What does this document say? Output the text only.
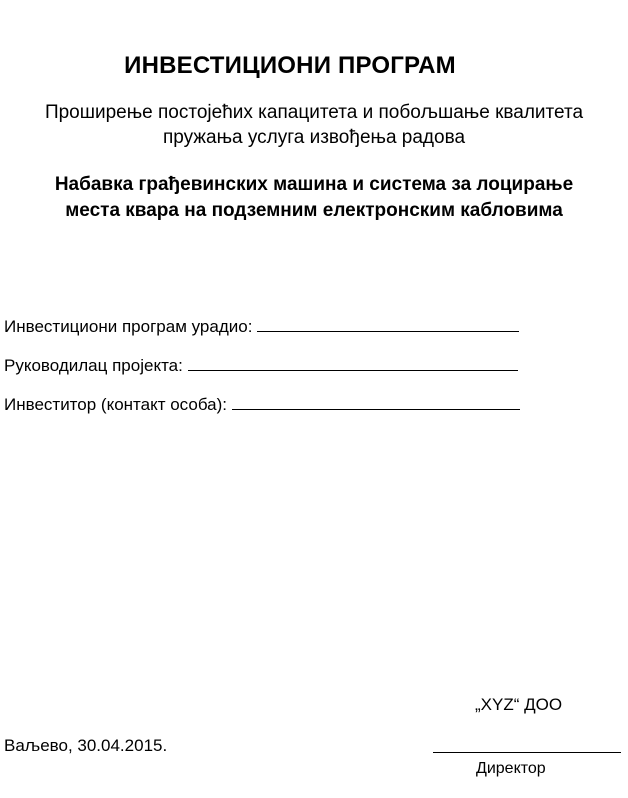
ИНВЕСТИЦИОНИ ПРОГРАМ
Проширење постојећих капацитета и побољшање квалитета
пружања услуга извођења радова
Набавка грађевинских машина и система за лоцирање
места квара на подземним електронским кабловима
Инвестициони програм урадио:
Руководилац пројекта:
Инвеститор (контакт особа):
„XYZ“ ДОО
Ваљево, 30.04.2015.
Директор
